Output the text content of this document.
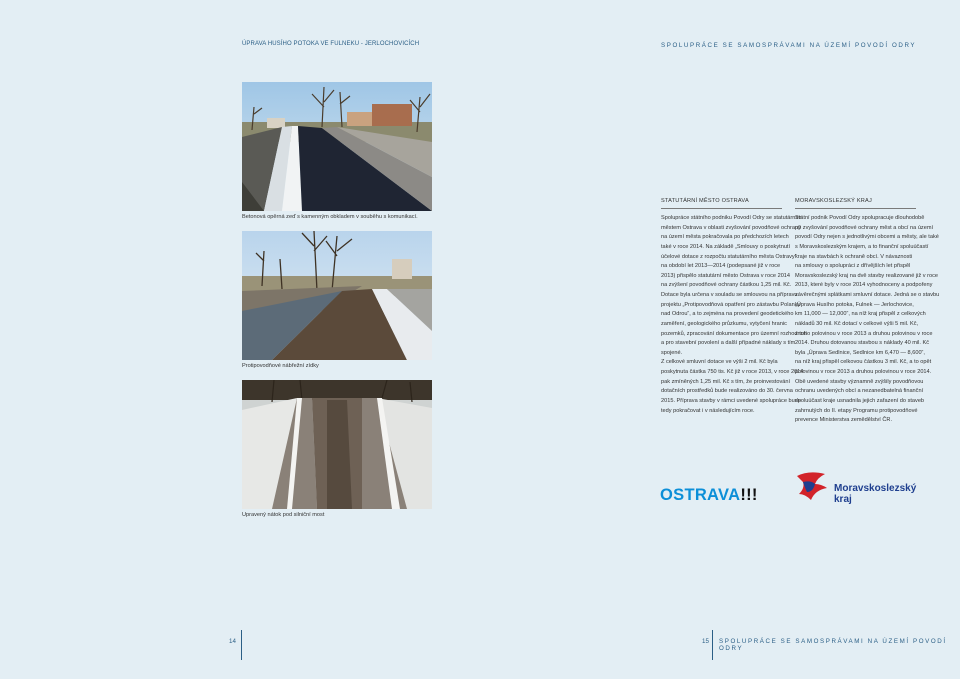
ÚPRAVA HUSÍHO POTOKA VE FULNEKU - JERLOCHOVICÍCH	SPOLUPRÁCE SE SAMOSPRÁVAMI NA ÚZEMÍ POVODÍ ODRY
Betonová opěrná zeď s kamenným obkladem v souběhu s komunikací.
Protipovodňové nábřežní zídky
Upravený nátok pod silniční most
STATUTÁRNÍ MĚSTO OSTRAVA
Spolupráce státního podniku Povodí Odry se statutárním
městem Ostrava v oblasti zvyšování povodňové ochrany
na území města pokračovala po předchozích letech
také v roce 2014. Na základě „Smlouvy o poskytnutí
účelové dotace z rozpočtu statutárního města Ostravy“
na období let 2013—2014 (podepsané již v roce
2013) přispělo statutární město Ostrava v roce 2014
na zvýšení povodňové ochrany částkou 1,25 mil. Kč.
Dotace byla určena v souladu se smlouvou na přípravu
projektu „Protipovodňová opatření pro zástavbu Polanky
nad Odrou“, a to zejména na provedení geodetického
zaměření, geologického průzkumu, vytyčení hranic
pozemků, zpracování dokumentace pro územní rozhodnutí
a pro stavební povolení a další případné náklady s tím
spojené.
Z celkové smluvní dotace ve výši 2 mil. Kč byla
poskytnuta částka 750 tis. Kč již v roce 2013, v roce 2014
pak zmíněných 1,25 mil. Kč s tím, že proinvestování
dotačních prostředků bude realizováno do 30. června
2015. Příprava stavby v rámci uvedené spolupráce bude
tedy pokračovat i v následujícím roce.
MORAVSKOSLEZSKÝ KRAJ
Státní podnik Povodí Odry spolupracuje dlouhodobě
při zvyšování povodňové ochrany měst a obcí na území
povodí Odry nejen s jednotlivými obcemi a městy, ale také
s Moravskoslezským krajem, a to finanční spoluúčastí
kraje na stavbách k ochraně obcí. V návaznosti
na smlouvy o spolupráci z dřívějších let přispěl
Moravskoslezský kraj na dvě stavby realizované již v roce
2013, které byly v roce 2014 vyhodnoceny a podpořeny
závěrečnými splátkami smluvní dotace. Jedná se o stavbu
„Úprava Husího potoka, Fulnek — Jerlochovice,
km 11,000 — 12,000“, na níž kraj přispěl z celkových
nákladů 30 mil. Kč dotací v celkové výši 5 mil. Kč,
z toho polovinou v roce 2013 a druhou polovinou v roce
2014. Druhou dotovanou stavbou s náklady 40 mil. Kč
byla „Úprava Sedlnice, Sedlnice km 6,470 — 8,600“,
na níž kraj přispěl celkovou částkou 3 mil. Kč, a to opět
polovinou v roce 2013 a druhou polovinou v roce 2014.
Obě uvedené stavby významně zvýšily povodňovou
ochranu uvedených obcí a nezanedbatelná finanční
spoluúčast kraje usnadnila jejich zařazení do staveb
zahrnutých do II. etapy Programu protipovodňové
prevence Ministerstva zemědělství ČR.
OSTRAVA!!!	Moravskoslezský
kraj
14	15 SPOLUPRÁCE SE SAMOSPRÁVAMI NA ÚZEMÍ POVODÍ ODRY
